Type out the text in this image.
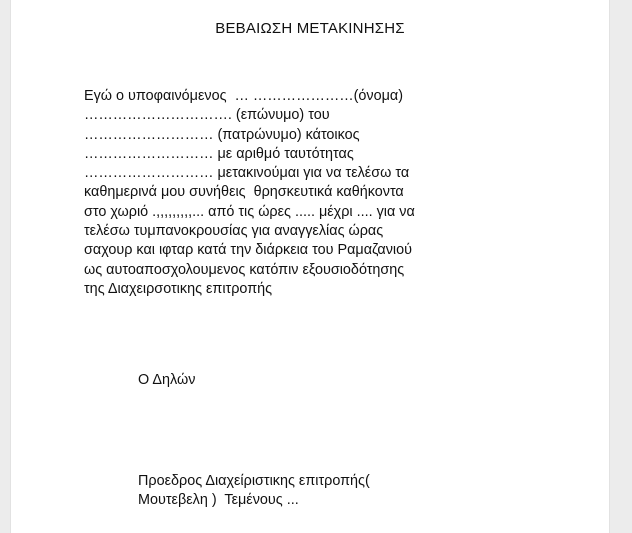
ΒΕΒΑΙΩΣΗ ΜΕΤΑΚΙΝΗΣΗΣ
Εγώ ο υποφαινόμενος  … …………………(όνομα)
…………………………. (επώνυμο) του
……………………… (πατρώνυμο) κάτοικος
……………………… με αριθμό ταυτότητας
……………………… μετακινούμαι για να τελέσω τα
καθημερινά μου συνήθεις  θρησκευτικά καθήκοντα
στο χωριό .,,,,,,,,,... από τις ώρες ..... μέχρι .... για να
τελέσω τυμπανοκρουσίας για αναγγελίας ώρας
σαχουρ και ιφταρ κατά την διάρκεια του Ραμαζανιού
ως αυτοαποσχολουμενος κατόπιν εξουσιοδότησης
της Διαχειρσοτικης επιτροπής
Ο Δηλών
Προεδρος Διαχείριστικης επιτροπής(
Μουτεβελη )  Τεμένους ...
